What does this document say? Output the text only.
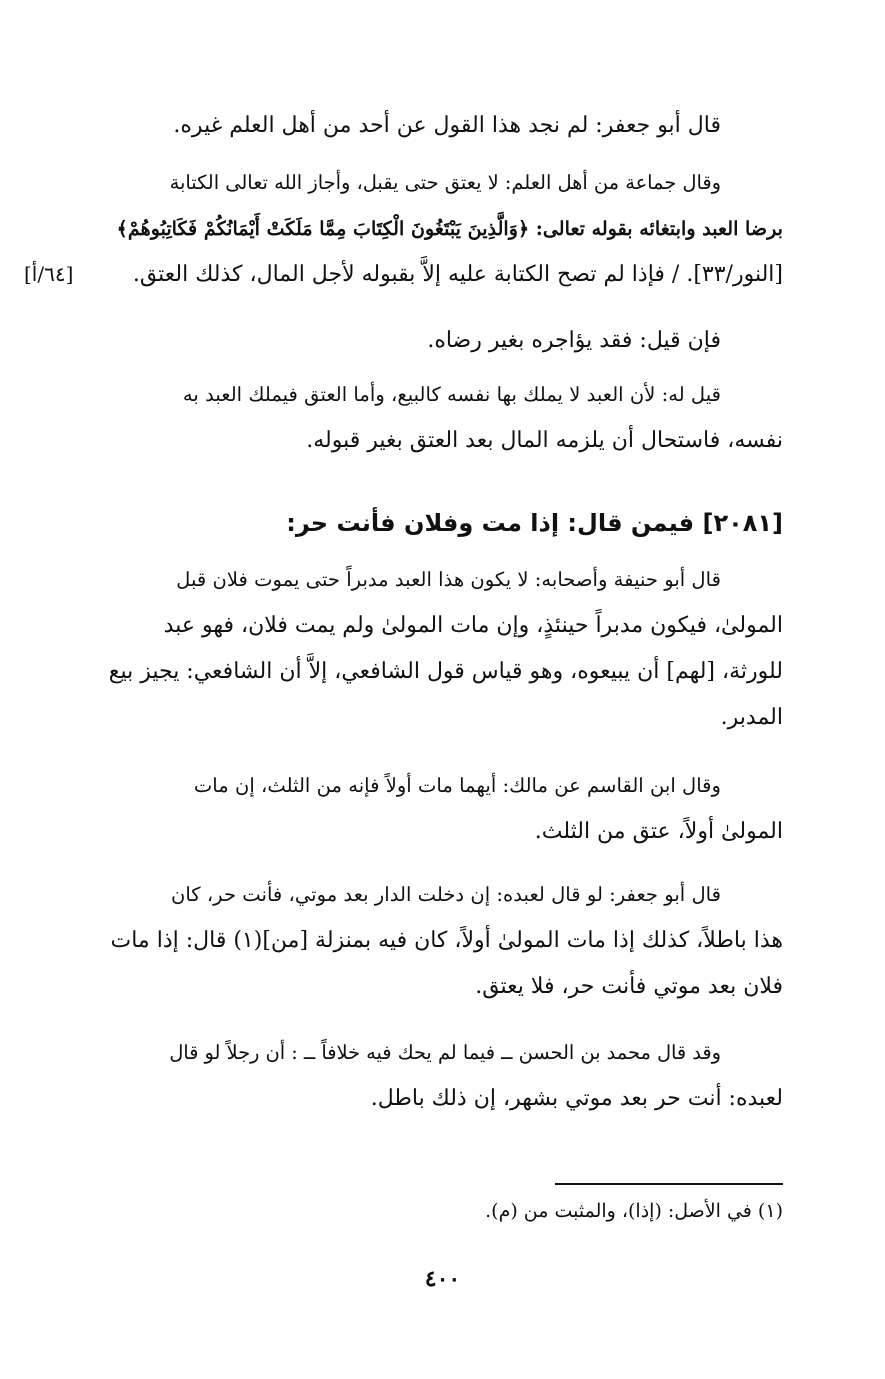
قال أبو جعفر: لم نجد هذا القول عن أحد من أهل العلم غيره.
وقال جماعة من أهل العلم: لا يعتق حتى يقبل، وأجاز الله تعالى الكتابة
برضا العبد وابتغائه بقوله تعالى: ﴿وَالَّذِينَ يَبْتَغُونَ الْكِتَابَ مِمَّا مَلَكَتْ أَيْمَانُكُمْ فَكَاتِبُوهُمْ﴾
[النور/٣٣]. / فإذا لم تصح الكتابة عليه إلاَّ بقبوله لأجل المال، كذلك العتق.
[٦٤/أ]
فإن قيل: فقد يؤاجره بغير رضاه.
قيل له: لأن العبد لا يملك بها نفسه كالبيع، وأما العتق فيملك العبد به
نفسه، فاستحال أن يلزمه المال بعد العتق بغير قبوله.
[٢٠٨١] فيمن قال: إذا مت وفلان فأنت حر:
قال أبو حنيفة وأصحابه: لا يكون هذا العبد مدبراً حتى يموت فلان قبل
المولىٰ، فيكون مدبراً حينئذٍ، وإن مات المولىٰ ولم يمت فلان، فهو عبد
للورثة، [لهم] أن يبيعوه، وهو قياس قول الشافعي، إلاَّ أن الشافعي: يجيز بيع
المدبر.
وقال ابن القاسم عن مالك: أيهما مات أولاً فإنه من الثلث، إن مات
المولىٰ أولاً، عتق من الثلث.
قال أبو جعفر: لو قال لعبده: إن دخلت الدار بعد موتي، فأنت حر، كان
هذا باطلاً، كذلك إذا مات المولىٰ أولاً، كان فيه بمنزلة [من](١) قال: إذا مات
فلان بعد موتي فأنت حر، فلا يعتق.
وقد قال محمد بن الحسن ــ فيما لم يحك فيه خلافاً ــ : أن رجلاً لو قال
لعبده: أنت حر بعد موتي بشهر، إن ذلك باطل.
(١) في الأصل: (إذا)، والمثبت من (م).
٤٠٠
